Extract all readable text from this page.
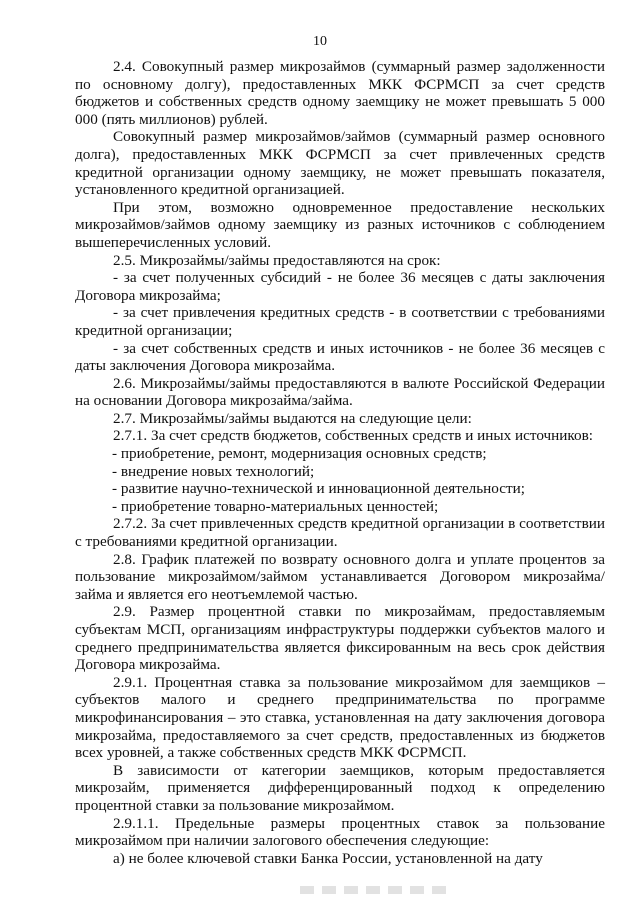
10

2.4. Совокупный размер микрозаймов (суммарный размер задолженности по основному долгу), предоставленных МКК ФСРМСП за счет средств бюджетов и собственных средств одному заемщику не может превышать 5 000 000 (пять миллионов) рублей.

Совокупный размер микрозаймов/займов (суммарный размер основного долга), предоставленных МКК ФСРМСП за счет привлеченных средств кредитной организации одному заемщику, не может превышать показателя, установленного кредитной организацией.

При этом, возможно одновременное предоставление нескольких микрозаймов/займов одному заемщику из разных источников с соблюдением вышеперечисленных условий.

2.5. Микрозаймы/займы предоставляются на срок:

- за счет полученных субсидий - не более 36 месяцев с даты заключения Договора микрозайма;

- за счет привлечения кредитных средств - в соответствии с требованиями кредитной организации;

- за счет собственных средств и иных источников - не более 36 месяцев с даты заключения Договора микрозайма.

2.6. Микрозаймы/займы предоставляются в валюте Российской Федерации на основании Договора микрозайма/займа.

2.7. Микрозаймы/займы выдаются на следующие цели:

2.7.1. За счет средств бюджетов, собственных средств и иных источников:

- приобретение, ремонт, модернизация основных средств;

- внедрение новых технологий;

- развитие научно-технической и инновационной деятельности;

- приобретение товарно-материальных ценностей;

2.7.2. За счет привлеченных средств кредитной организации в соответствии с требованиями кредитной организации.

2.8. График платежей по возврату основного долга и уплате процентов за пользование микрозаймом/займом устанавливается Договором микрозайма/займа и является его неотъемлемой частью.

2.9. Размер процентной ставки по микрозаймам, предоставляемым субъектам МСП, организациям инфраструктуры поддержки субъектов малого и среднего предпринимательства является фиксированным на весь срок действия Договора микрозайма.

2.9.1. Процентная ставка за пользование микрозаймом для заемщиков – субъектов малого и среднего предпринимательства по программе микрофинансирования – это ставка, установленная на дату заключения договора микрозайма, предоставляемого за счет средств, предоставленных из бюджетов всех уровней, а также собственных средств МКК ФСРМСП.

В зависимости от категории заемщиков, которым предоставляется микрозайм, применяется дифференцированный подход к определению процентной ставки за пользование микрозаймом.

2.9.1.1. Предельные размеры процентных ставок за пользование микрозаймом при наличии залогового обеспечения следующие:

а) не более ключевой ставки Банка России, установленной на дату
